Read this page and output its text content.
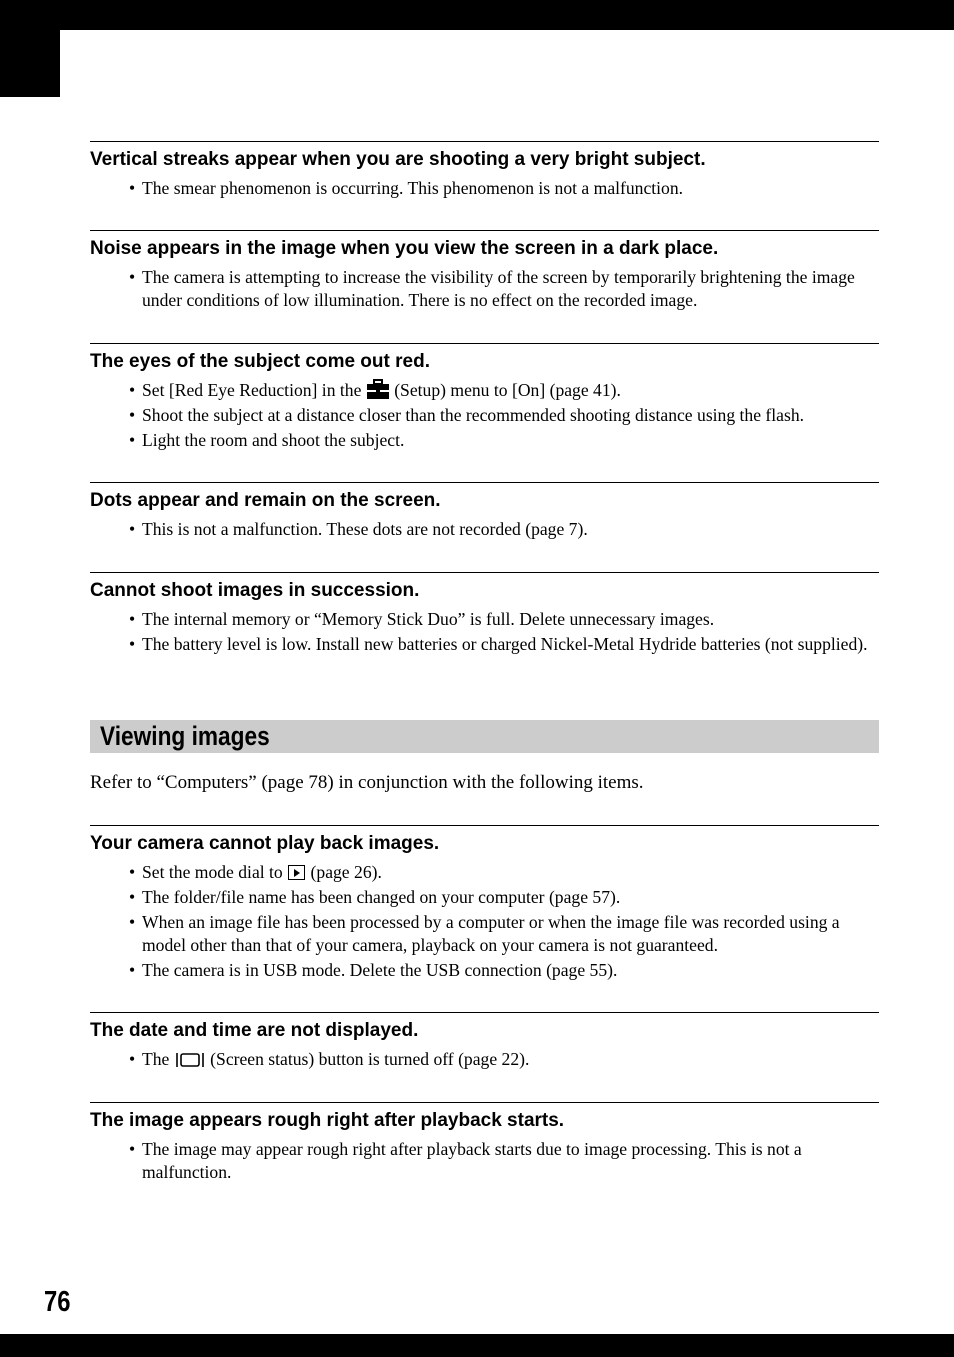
Vertical streaks appear when you are shooting a very bright subject.
• The smear phenomenon is occurring. This phenomenon is not a malfunction.
Noise appears in the image when you view the screen in a dark place.
• The camera is attempting to increase the visibility of the screen by temporarily brightening the image under conditions of low illumination. There is no effect on the recorded image.
The eyes of the subject come out red.
• Set [Red Eye Reduction] in the (Setup) menu to [On] (page 41).
• Shoot the subject at a distance closer than the recommended shooting distance using the flash.
• Light the room and shoot the subject.
Dots appear and remain on the screen.
• This is not a malfunction. These dots are not recorded (page 7).
Cannot shoot images in succession.
• The internal memory or “Memory Stick Duo” is full. Delete unnecessary images.
• The battery level is low. Install new batteries or charged Nickel-Metal Hydride batteries (not supplied).
Viewing images
Refer to “Computers” (page 78) in conjunction with the following items.
Your camera cannot play back images.
• Set the mode dial to (page 26).
• The folder/file name has been changed on your computer (page 57).
• When an image file has been processed by a computer or when the image file was recorded using a model other than that of your camera, playback on your camera is not guaranteed.
• The camera is in USB mode. Delete the USB connection (page 55).
The date and time are not displayed.
• The (Screen status) button is turned off (page 22).
The image appears rough right after playback starts.
• The image may appear rough right after playback starts due to image processing. This is not a malfunction.
76
